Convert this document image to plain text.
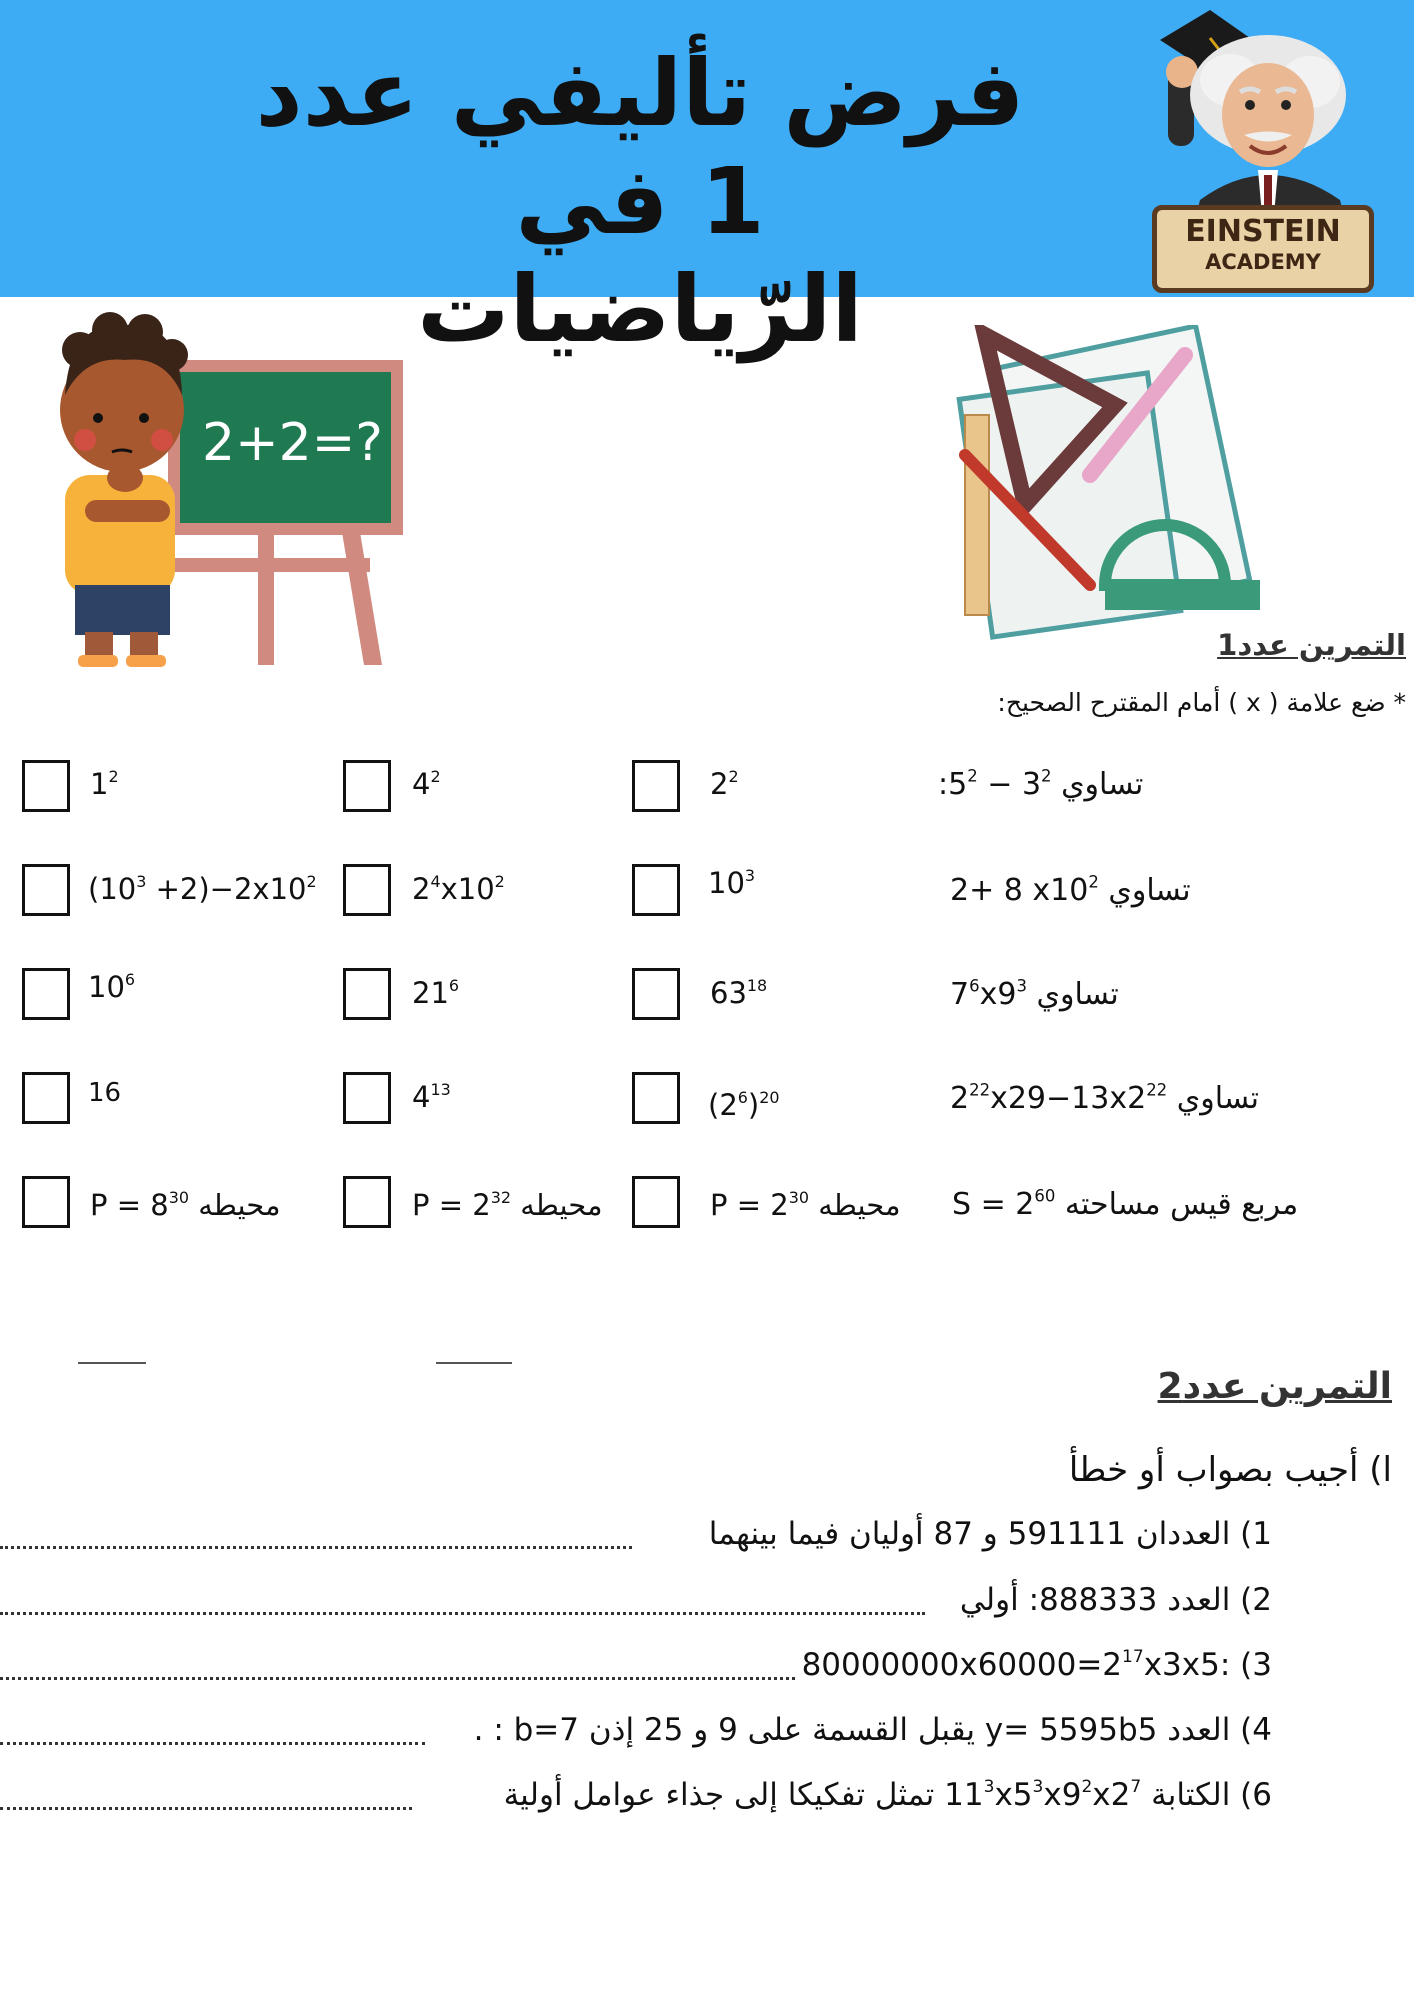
فرض تأليفي عدد 1 في
الرّياضيات
EINSTEIN
ACADEMY
2+2=?
التمرين عدد1
* ضع علامة ( x ) أمام المقترح الصحيح:
تساوي $5^2 - 3^2$:
$2^2$
$4^2$
$1^2$
تساوي 2+ 8 $x10^2$
$10^3$
$2^4x10^2$
$(10^3 +2)-2x10^2$
تساوي $7^6x9^3$
$63^{18}$
$21^6$
$10^6$
تساوي $2^{22}x29-13x2^{22}$
$(2^6)^{20}$
$4^{13}$
16
مربع قيس مساحته $S = 2^{60}$
محيطه $P = 2^{30}$
محيطه $P = 2^{32}$
محيطه $P = 8^{30}$
التمرين عدد2
ا) أجيب بصواب أو خطأ
1) العددان 591111 و 87 أوليان فيما بينهما
2) العدد 888333: أولي
3) $80000000x60000=2^{17}x3x5$:
4) العدد y= 5595b5 يقبل القسمة على 9 و 25 إذن b=7 : .
6) الكتابة $11^3x5^3x9^2x2^7$ تمثل تفكيكا إلى جذاء عوامل أولية
